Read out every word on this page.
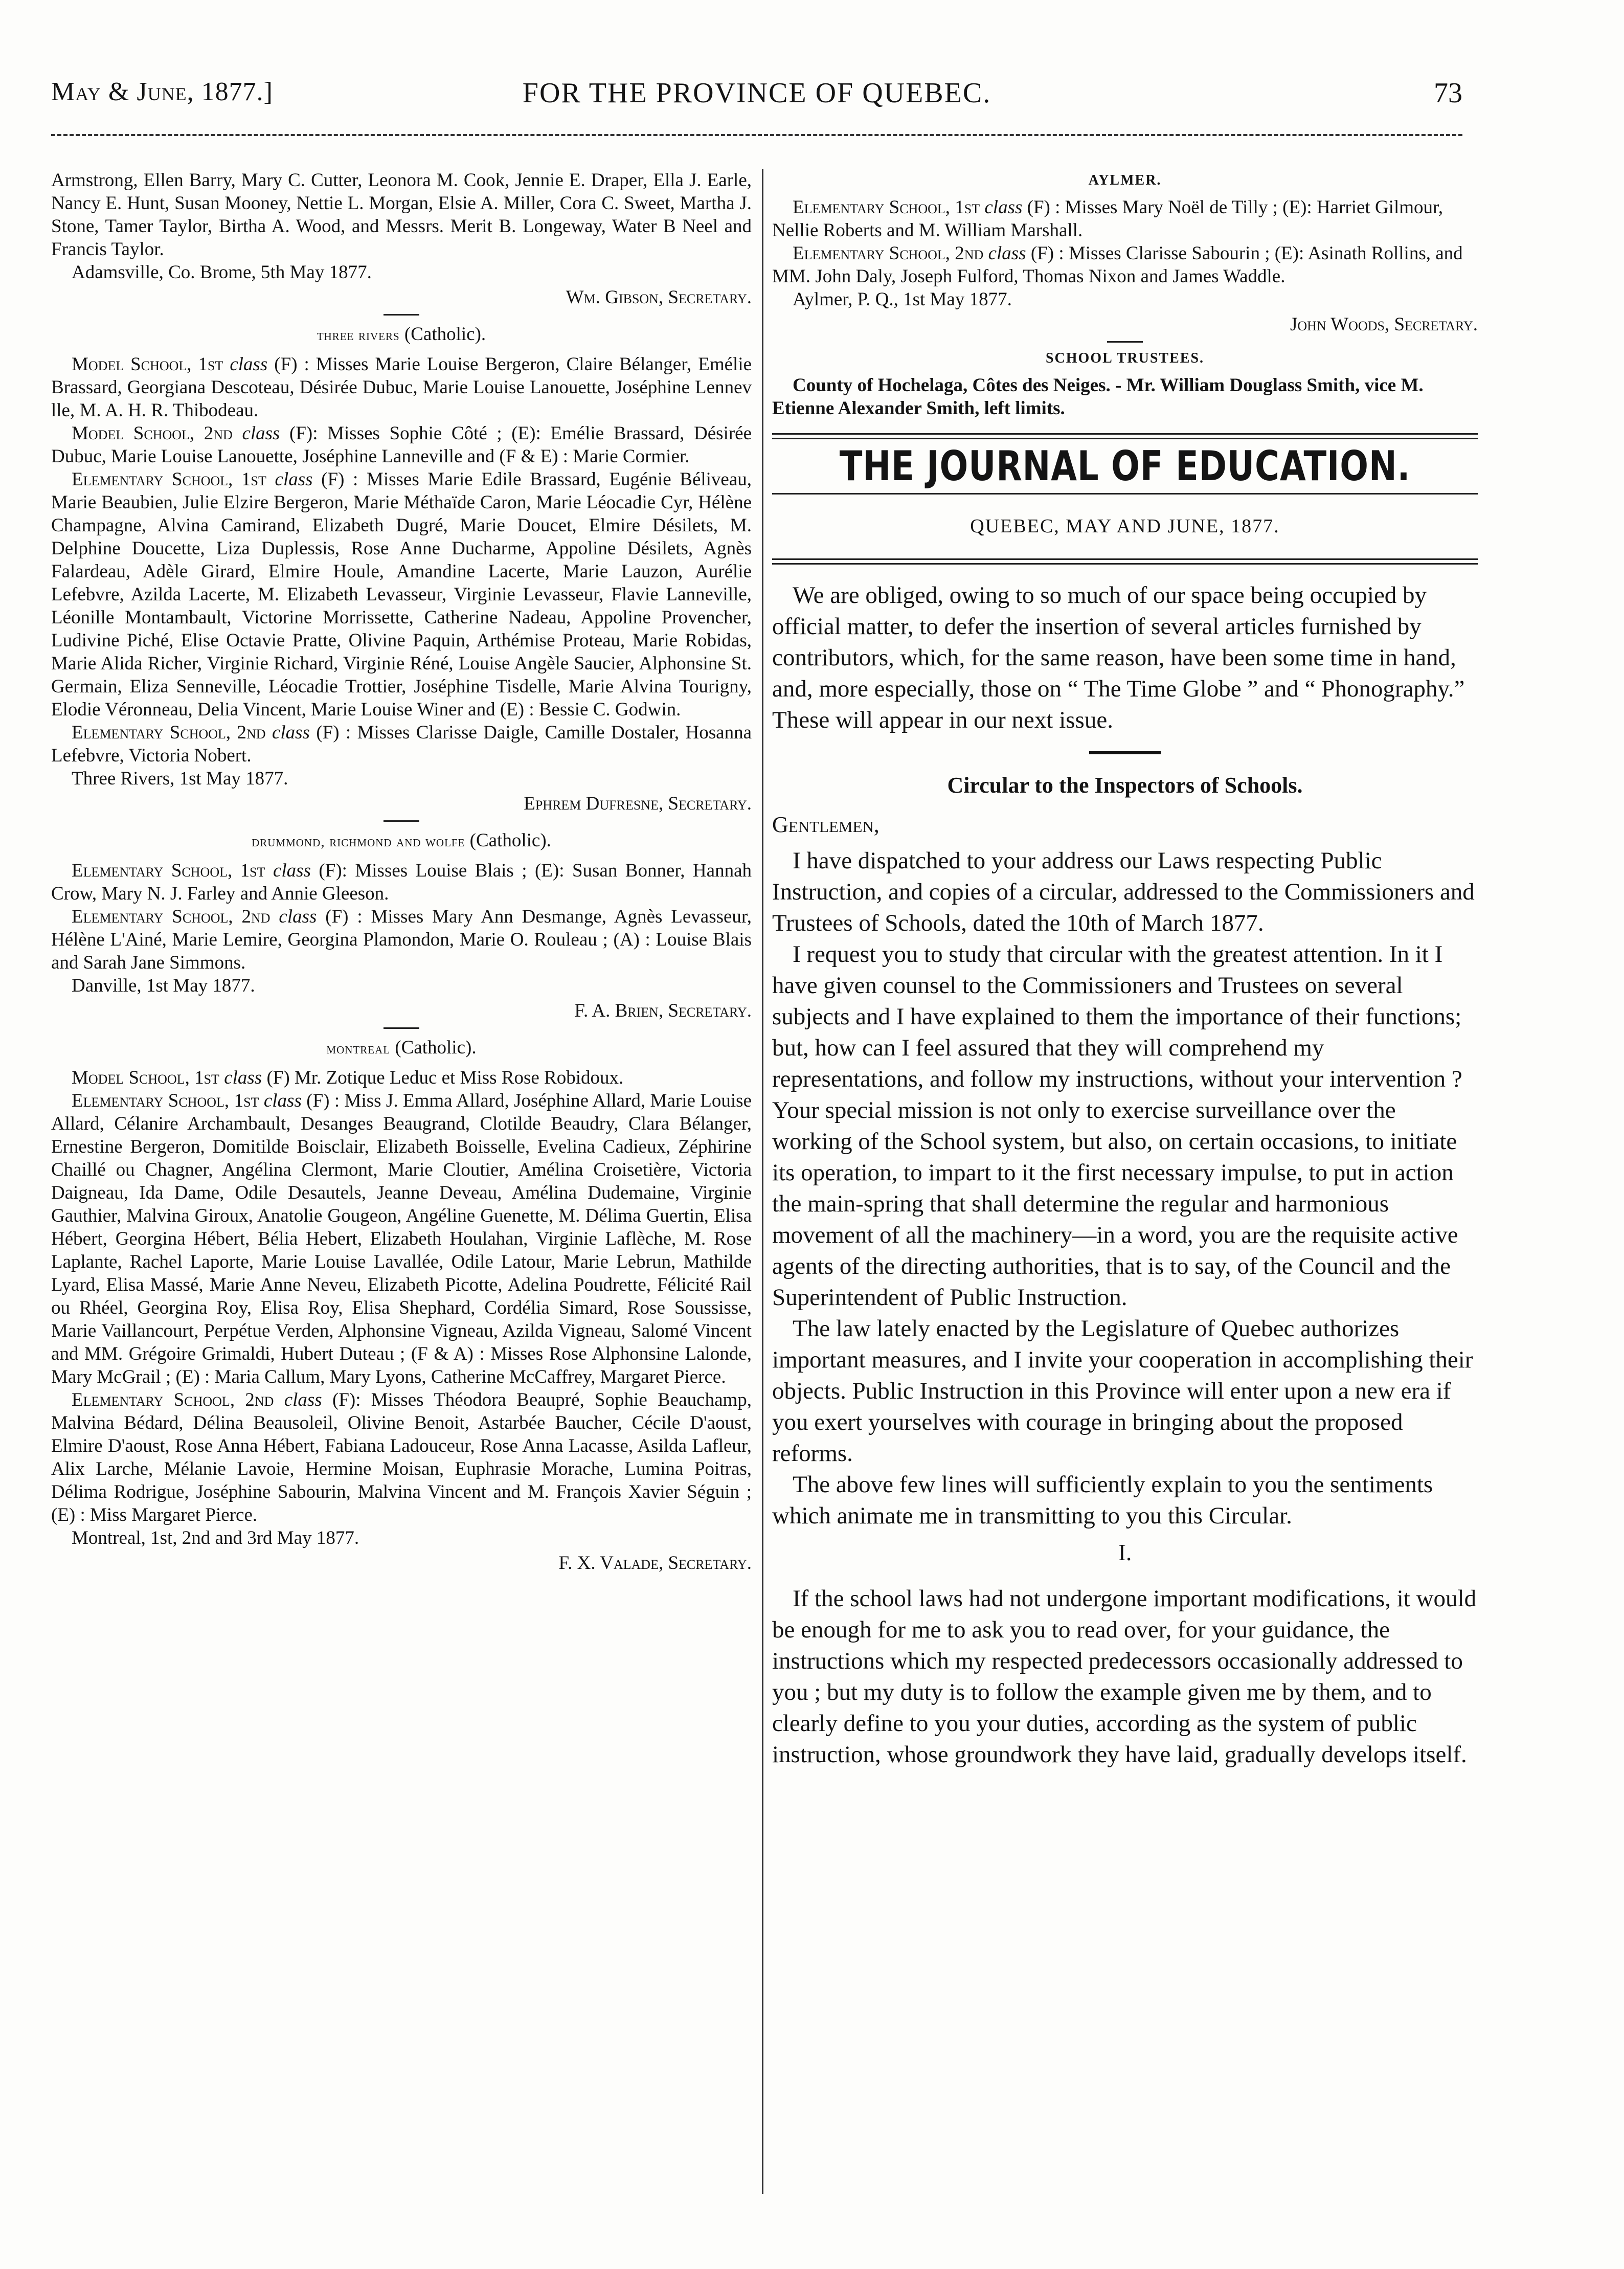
May & June, 1877.]	FOR THE PROVINCE OF QUEBEC.	73

Armstrong, Ellen Barry, Mary C. Cutter, Leonora M. Cook, Jennie E. Draper, Ella J. Earle, Nancy E. Hunt, Susan Mooney, Nettie L. Morgan, Elsie A. Miller, Cora C. Sweet, Martha J. Stone, Tamer Taylor, Birtha A. Wood, and Messrs. Merit B. Longeway, Water B Neel and Francis Taylor.

Adamsville, Co. Brome, 5th May 1877.

Wm. Gibson, Secretary.

three rivers (Catholic).

Model School, 1st class (F) : Misses Marie Louise Bergeron, Claire Bélanger, Emélie Brassard, Georgiana Descoteau, Désirée Dubuc, Marie Louise Lanouette, Joséphine Lennev lle, M. A. H. R. Thibodeau.

Model School, 2nd class (F): Misses Sophie Côté ; (E): Emélie Brassard, Désirée Dubuc, Marie Louise Lanouette, Joséphine Lanneville and (F & E) : Marie Cormier.

Elementary School, 1st class (F) : Misses Marie Edile Brassard, Eugénie Béliveau, Marie Beaubien, Julie Elzire Bergeron, Marie Méthaïde Caron, Marie Léocadie Cyr, Hélène Champagne, Alvina Camirand, Elizabeth Dugré, Marie Doucet, Elmire Désilets, M. Delphine Doucette, Liza Duplessis, Rose Anne Ducharme, Appoline Désilets, Agnès Falardeau, Adèle Girard, Elmire Houle, Amandine Lacerte, Marie Lauzon, Aurélie Lefebvre, Azilda Lacerte, M. Elizabeth Levasseur, Virginie Levasseur, Flavie Lanneville, Léonille Montambault, Victorine Morrissette, Catherine Nadeau, Appoline Provencher, Ludivine Piché, Elise Octavie Pratte, Olivine Paquin, Arthémise Proteau, Marie Robidas, Marie Alida Richer, Virginie Richard, Virginie Réné, Louise Angèle Saucier, Alphonsine St. Germain, Eliza Senneville, Léocadie Trottier, Joséphine Tisdelle, Marie Alvina Tourigny, Elodie Véronneau, Delia Vincent, Marie Louise Winer and (E) : Bessie C. Godwin.

Elementary School, 2nd class (F) : Misses Clarisse Daigle, Camille Dostaler, Hosanna Lefebvre, Victoria Nobert.

Three Rivers, 1st May 1877.

Ephrem Dufresne, Secretary.

drummond, richmond and wolfe (Catholic).

Elementary School, 1st class (F): Misses Louise Blais ; (E): Susan Bonner, Hannah Crow, Mary N. J. Farley and Annie Gleeson.

Elementary School, 2nd class (F) : Misses Mary Ann Desmange, Agnès Levasseur, Hélène L'Ainé, Marie Lemire, Georgina Plamondon, Marie O. Rouleau ; (A) : Louise Blais and Sarah Jane Simmons.

Danville, 1st May 1877.

F. A. Brien, Secretary.

montreal (Catholic).

Model School, 1st class (F) Mr. Zotique Leduc et Miss Rose Robidoux.

Elementary School, 1st class (F) : Miss J. Emma Allard, Joséphine Allard, Marie Louise Allard, Célanire Archambault, Desanges Beaugrand, Clotilde Beaudry, Clara Bélanger, Ernestine Bergeron, Domitilde Boisclair, Elizabeth Boisselle, Evelina Cadieux, Zéphirine Chaillé ou Chagner, Angélina Clermont, Marie Cloutier, Amélina Croisetière, Victoria Daigneau, Ida Dame, Odile Desautels, Jeanne Deveau, Amélina Dudemaine, Virginie Gauthier, Malvina Giroux, Anatolie Gougeon, Angéline Guenette, M. Délima Guertin, Elisa Hébert, Georgina Hébert, Bélia Hebert, Elizabeth Houlahan, Virginie Laflèche, M. Rose Laplante, Rachel Laporte, Marie Louise Lavallée, Odile Latour, Marie Lebrun, Mathilde Lyard, Elisa Massé, Marie Anne Neveu, Elizabeth Picotte, Adelina Poudrette, Félicité Rail ou Rhéel, Georgina Roy, Elisa Roy, Elisa Shephard, Cordélia Simard, Rose Soussisse, Marie Vaillancourt, Perpétue Verden, Alphonsine Vigneau, Azilda Vigneau, Salomé Vincent and MM. Grégoire Grimaldi, Hubert Duteau ; (F & A) : Misses Rose Alphonsine Lalonde, Mary McGrail ; (E) : Maria Callum, Mary Lyons, Catherine McCaffrey, Margaret Pierce.

Elementary School, 2nd class (F): Misses Théodora Beaupré, Sophie Beauchamp, Malvina Bédard, Délina Beausoleil, Olivine Benoit, Astarbée Baucher, Cécile D'aoust, Elmire D'aoust, Rose Anna Hébert, Fabiana Ladouceur, Rose Anna Lacasse, Asilda Lafleur, Alix Larche, Mélanie Lavoie, Hermine Moisan, Euphrasie Morache, Lumina Poitras, Délima Rodrigue, Joséphine Sabourin, Malvina Vincent and M. François Xavier Séguin ; (E) : Miss Margaret Pierce.

Montreal, 1st, 2nd and 3rd May 1877.

F. X. Valade, Secretary.

AYLMER.

Elementary School, 1st class (F) : Misses Mary Noël de Tilly ; (E): Harriet Gilmour, Nellie Roberts and M. William Marshall.

Elementary School, 2nd class (F) : Misses Clarisse Sabourin ; (E): Asinath Rollins, and MM. John Daly, Joseph Fulford, Thomas Nixon and James Waddle.

Aylmer, P. Q., 1st May 1877.

John Woods, Secretary.

SCHOOL TRUSTEES.

County of Hochelaga, Côtes des Neiges. - Mr. William Douglass Smith, vice M. Etienne Alexander Smith, left limits.

THE JOURNAL OF EDUCATION.
QUEBEC, MAY AND JUNE, 1877.

We are obliged, owing to so much of our space being occupied by official matter, to defer the insertion of several articles furnished by contributors, which, for the same reason, have been some time in hand, and, more especially, those on “ The Time Globe ” and “ Phonography.” These will appear in our next issue.

Circular to the Inspectors of Schools.

Gentlemen,

I have dispatched to your address our Laws respecting Public Instruction, and copies of a circular, addressed to the Commissioners and Trustees of Schools, dated the 10th of March 1877.

I request you to study that circular with the greatest attention. In it I have given counsel to the Commissioners and Trustees on several subjects and I have explained to them the importance of their functions; but, how can I feel assured that they will comprehend my representations, and follow my instructions, without your intervention ? Your special mission is not only to exercise surveillance over the working of the School system, but also, on certain occasions, to initiate its operation, to impart to it the first necessary impulse, to put in action the main-spring that shall determine the regular and harmonious movement of all the machinery—in a word, you are the requisite active agents of the directing authorities, that is to say, of the Council and the Superintendent of Public Instruction.

The law lately enacted by the Legislature of Quebec authorizes important measures, and I invite your cooperation in accomplishing their objects. Public Instruction in this Province will enter upon a new era if you exert yourselves with courage in bringing about the proposed reforms.

The above few lines will sufficiently explain to you the sentiments which animate me in transmitting to you this Circular.

I.

If the school laws had not undergone important modifications, it would be enough for me to ask you to read over, for your guidance, the instructions which my respected predecessors occasionally addressed to you ; but my duty is to follow the example given me by them, and to clearly define to you your duties, according as the system of public instruction, whose groundwork they have laid, gradually develops itself.
